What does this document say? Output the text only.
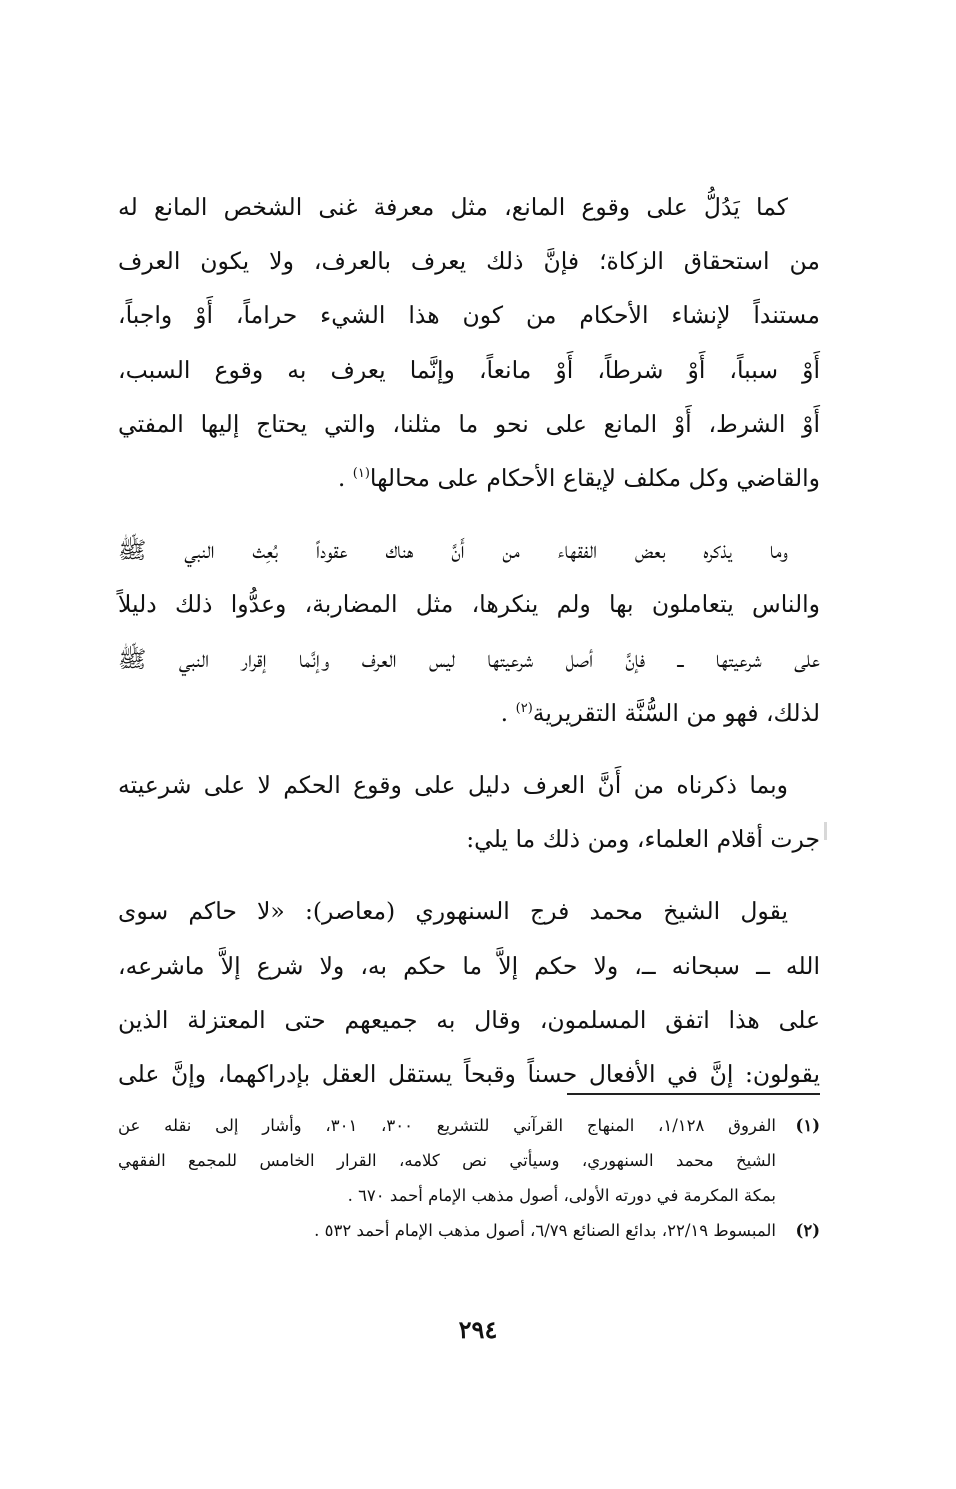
كما يَدُلُّ على وقوع المانع، مثل معرفة غنى الشخص المانع له
من استحقاق الزكاة؛ فإنَّ ذلك يعرف بالعرف، ولا يكون العرف
مستنداً لإنشاء الأحكام من كون هذا الشيء حراماً، أَوْ واجباً،
أَوْ سبباً، أَوْ شرطاً، أَوْ مانعاً، وإنَّما يعرف به وقوع السبب،
أَوْ الشرط، أَوْ المانع على نحو ما مثلنا، والتي يحتاج إليها المفتي
والقاضي وكل مكلف لإيقاع الأحكام على محالها$^{(١)}$ .

وما يذكره بعض الفقهاء من أَنَّ هناك عقوداً بُعِث النبي ﷺ
والناس يتعاملون بها ولم ينكرها، مثل المضاربة، وعدُّوا ذلك دليلاً
على شرعيتها ــ فإنَّ أصل شرعيتها ليس العرف وإنَّما إقرار النبي ﷺ
لذلك، فهو من السُّنَّة التقريرية$^{(٢)}$ .

وبما ذكرناه من أَنَّ العرف دليل على وقوع الحكم لا على شرعيته
جرت أقلام العلماء، ومن ذلك ما يلي:

يقول الشيخ محمد فرج السنهوري (معاصر): «لا حاكم سوى
الله ــ سبحانه ــ، ولا حكم إلاَّ ما حكم به، ولا شرع إلاَّ ماشرعه،
على هذا اتفق المسلمون، وقال به جميعهم حتى المعتزلة الذين
يقولون: إنَّ في الأفعال حسناً وقبحاً يستقل العقل بإدراكهما، وإنَّ على

(١)
الفروق ١/١٢٨، المنهاج القرآني للتشريع ٣٠٠، ٣٠١، وأشار إلى نقله عن
الشيخ محمد السنهوري، وسيأتي نص كلامه، القرار الخامس للمجمع الفقهي
بمكة المكرمة في دورته الأولى، أصول مذهب الإمام أحمد ٦٧٠ .
(٢)
المبسوط ٢٢/١٩، بدائع الصنائع ٦/٧٩، أصول مذهب الإمام أحمد ٥٣٢ .
٢٩٤
